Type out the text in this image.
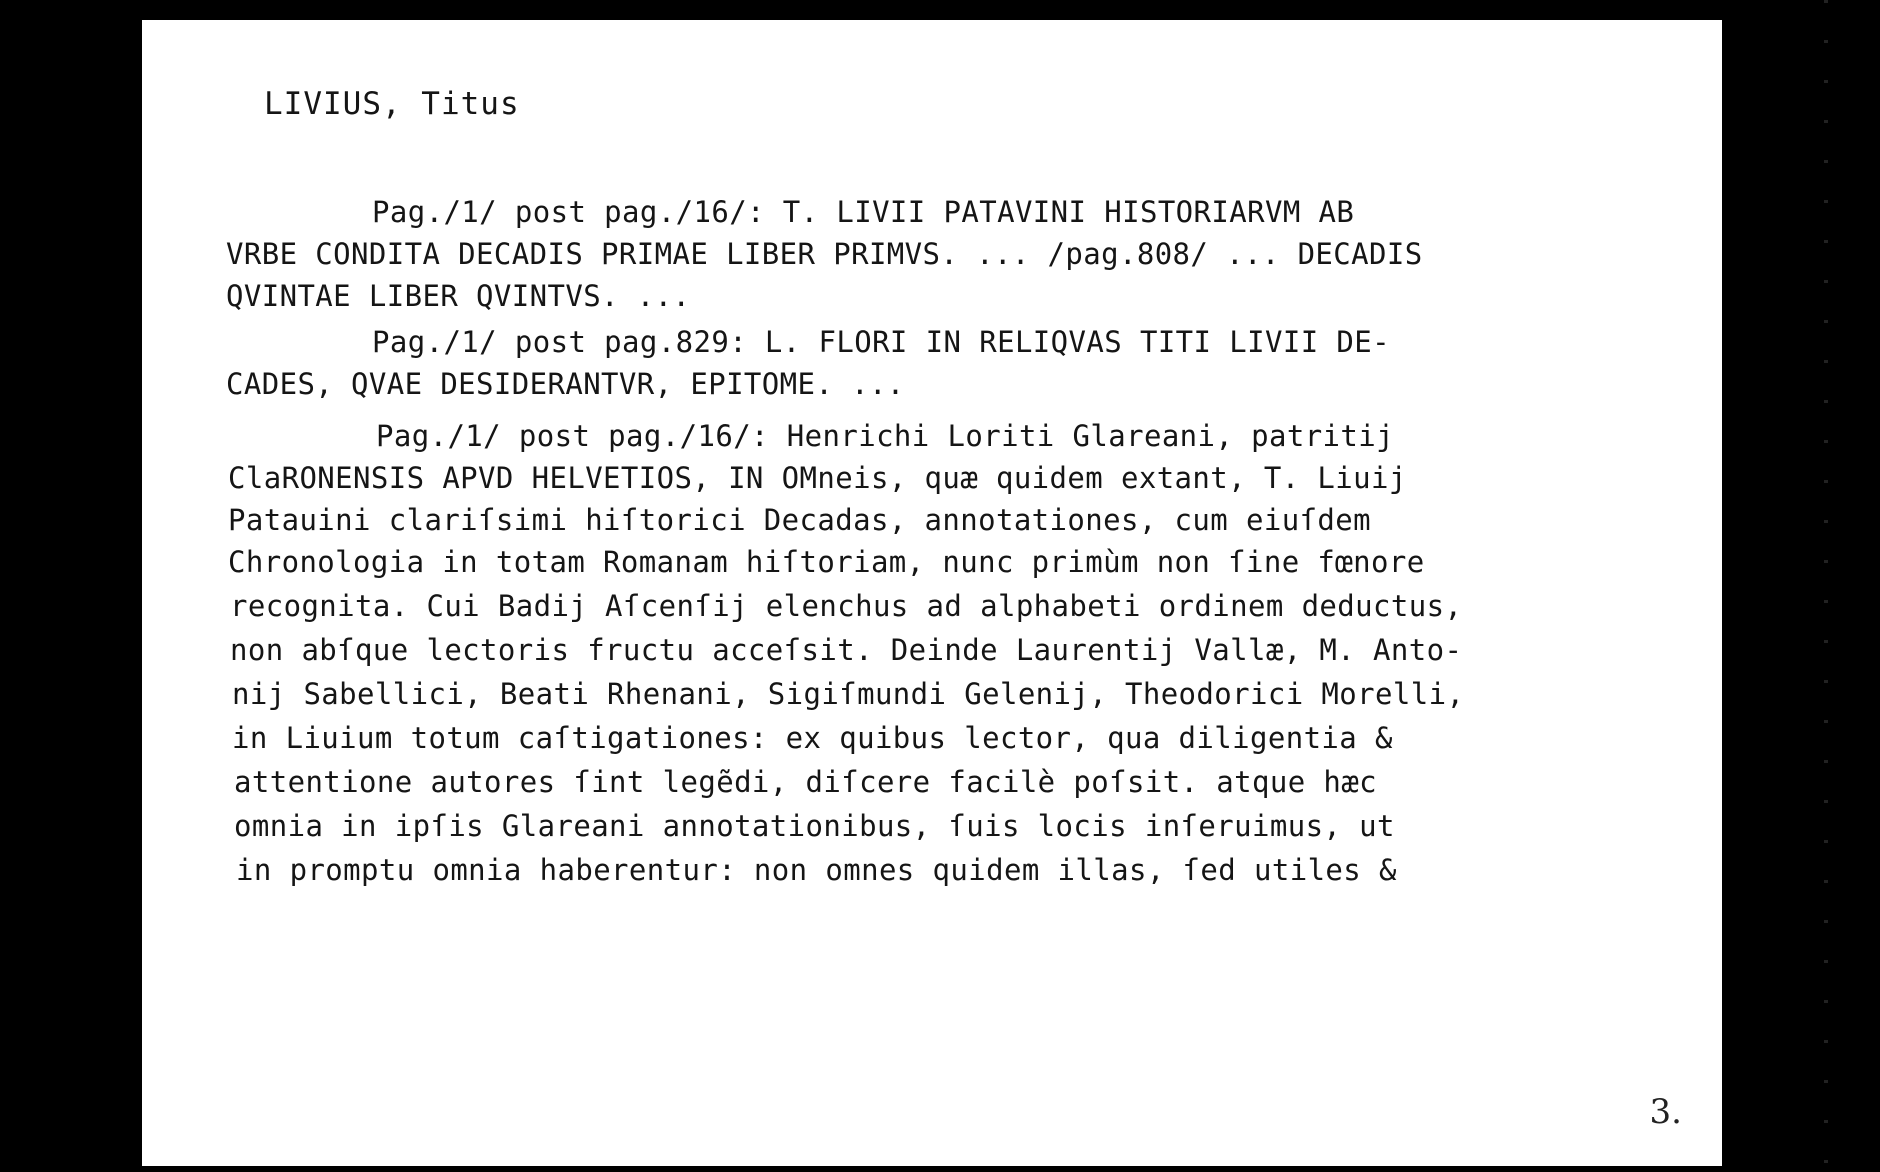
LIVIUS, Titus
Pag./1/ post pag./16/: T. LIVII PATAVINI HISTORIARVM AB
VRBE CONDITA DECADIS PRIMAE LIBER PRIMVS. ... /pag.808/ ... DECADIS
QVINTAE LIBER QVINTVS. ...
Pag./1/ post pag.829: L. FLORI IN RELIQVAS TITI LIVII DE-
CADES, QVAE DESIDERANTVR, EPITOME. ...
Pag./1/ post pag./16/: Henrichi Loriti Glareani, patritij
ClaRONENSIS APVD HELVETIOS, IN OMneis, quæ quidem extant, T. Liuij
Patauini clariſsimi hiſtorici Decadas, annotationes, cum eiuſdem
Chronologia in totam Romanam hiſtoriam, nunc primùm non ſine fœnore
recognita. Cui Badij Aſcenſij elenchus ad alphabeti ordinem deductus,
non abſque lectoris fructu acceſsit. Deinde Laurentij Vallæ, M. Anto-
nij Sabellici, Beati Rhenani, Sigiſmundi Gelenij, Theodorici Morelli,
in Liuium totum caſtigationes: ex quibus lector, qua diligentia &
attentione autores ſint legẽdi, diſcere facilè poſsit. atque hæc
omnia in ipſis Glareani annotationibus, ſuis locis inſeruimus, ut
in promptu omnia haberentur: non omnes quidem illas, ſed utiles &
3.
